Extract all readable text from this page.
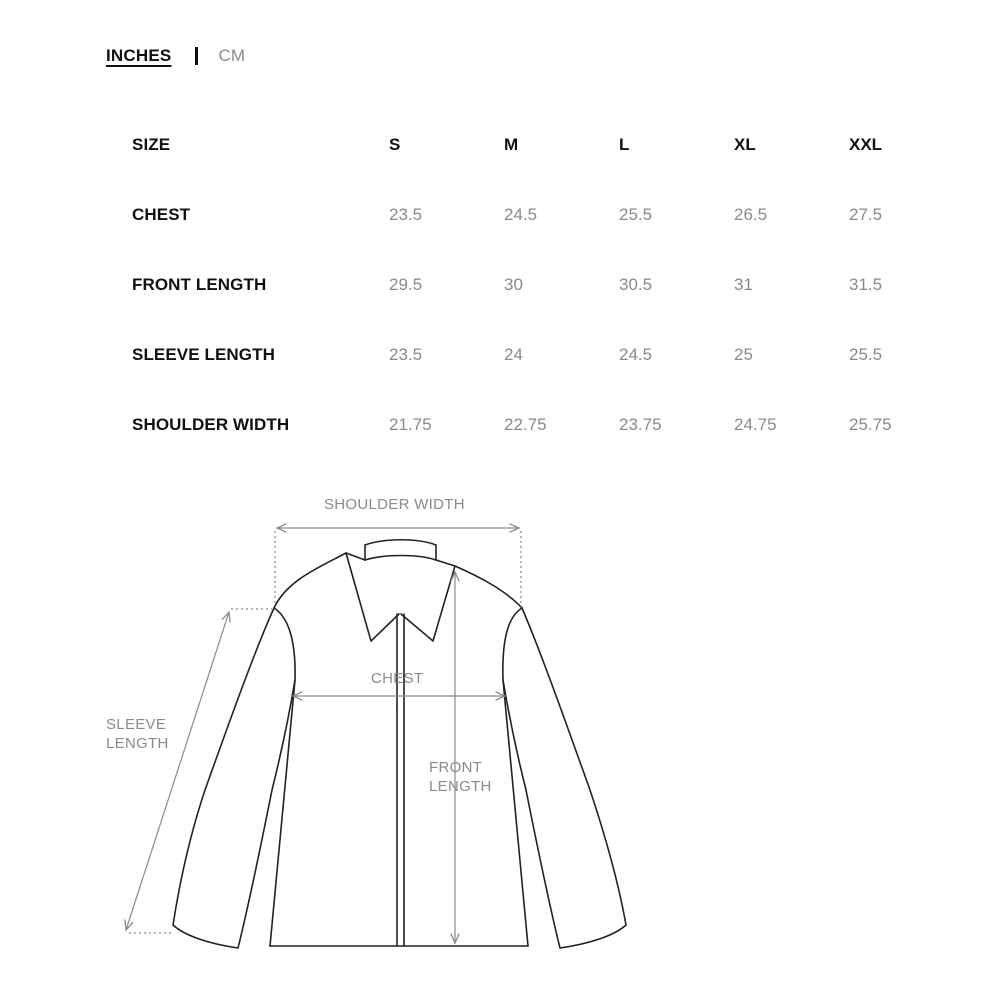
INCHES	CM
SIZE	S	M	L	XL	XXL
CHEST	23.5	24.5	25.5	26.5	27.5
FRONT LENGTH	29.5	30	30.5	31	31.5
SLEEVE LENGTH	23.5	24	24.5	25	25.5
SHOULDER WIDTH	21.75	22.75	23.75	24.75	25.75
SHOULDER WIDTH
CHEST
SLEEVE
LENGTH
FRONT
LENGTH
